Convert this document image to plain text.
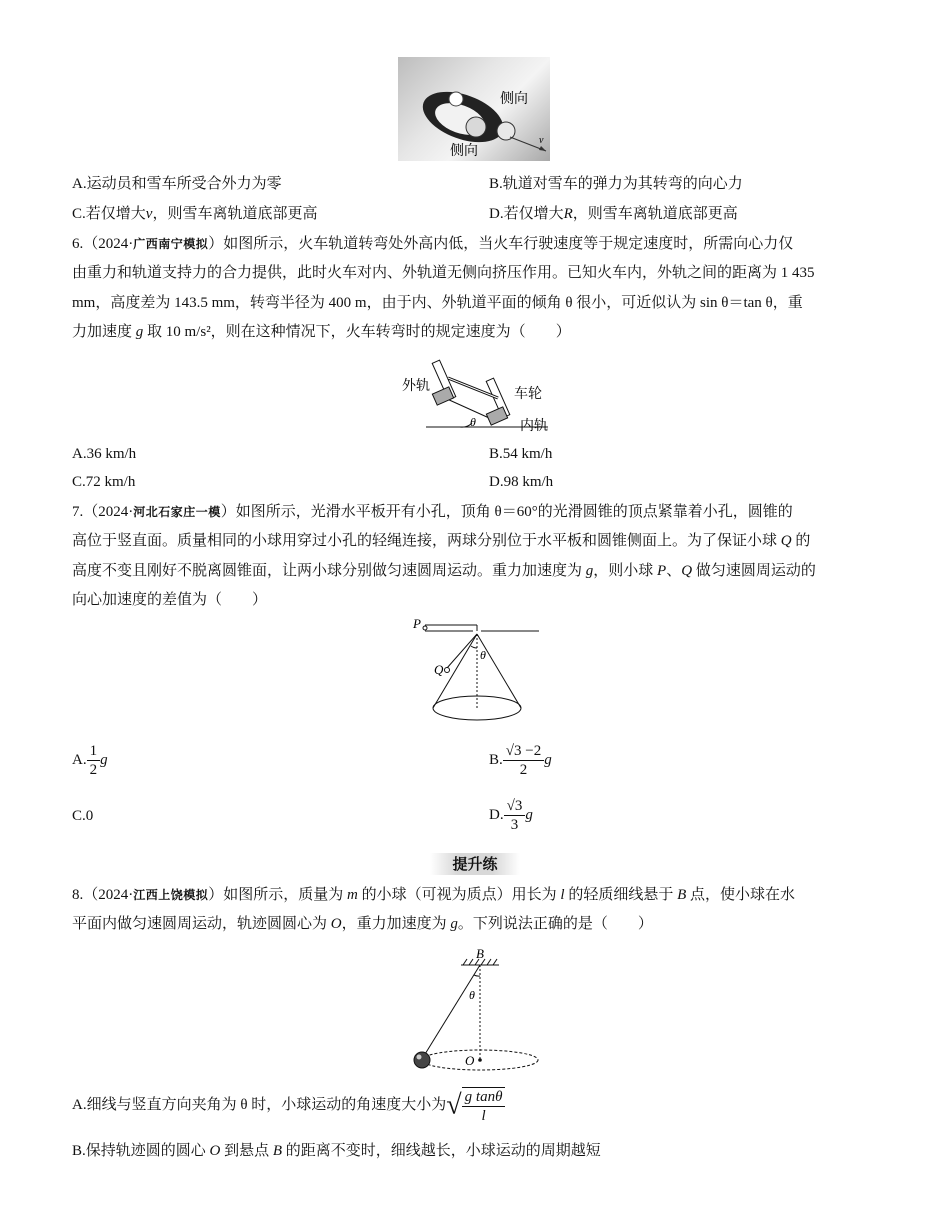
侧向
侧向
v
A.运动员和雪车所受合外力为零	B.轨道对雪车的弹力为其转弯的向心力
C.若仅增大v，则雪车离轨道底部更高	D.若仅增大R，则雪车离轨道底部更高
6.（2024·广西南宁模拟）如图所示，火车轨道转弯处外高内低，当火车行驶速度等于规定速度时，所需向心力仅
由重力和轨道支持力的合力提供，此时火车对内、外轨道无侧向挤压作用。已知火车内，外轨之间的距离为 1 435
mm，高度差为 143.5 mm，转弯半径为 400 m，由于内、外轨道平面的倾角 θ 很小，可近似认为 sin θ＝tan θ，重
力加速度 g 取 10 m/s²，则在这种情况下，火车转弯时的规定速度为（　　）
θ
外轨
车轮
内轨
A.36 km/h	B.54 km/h
C.72 km/h	D.98 km/h
7.（2024·河北石家庄一模）如图所示，光滑水平板开有小孔，顶角 θ＝60°的光滑圆锥的顶点紧靠着小孔，圆锥的
高位于竖直面。质量相同的小球用穿过小孔的轻绳连接，两球分别位于水平板和圆锥侧面上。为了保证小球 Q 的
高度不变且刚好不脱离圆锥面，让两小球分别做匀速圆周运动。重力加速度为 g，则小球 P、Q 做匀速圆周运动的
向心加速度的差值为（　　）
θ
P
Q
A. $\frac{1}{2}$ g	B. $\frac{√3 -2}{2}$ g
C.0	D. $\frac{√3}{3}$ g
提升练
8.（2024·江西上饶模拟）如图所示，质量为 m 的小球（可视为质点）用长为 l 的轻质细线悬于 B 点，使小球在水
平面内做匀速圆周运动，轨迹圆圆心为 O，重力加速度为 g。下列说法正确的是（　　）
θ
B
O
A.细线与竖直方向夹角为 θ 时，小球运动的角速度大小为√ $\frac{\text{g tanθ}}{l}$
B.保持轨迹圆的圆心 O 到悬点 B 的距离不变时，细线越长，小球运动的周期越短
